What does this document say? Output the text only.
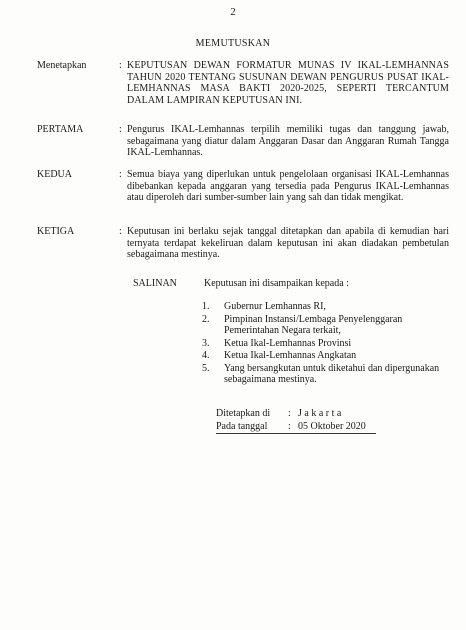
2
MEMUTUSKAN
Menetapkan	: KEPUTUSAN DEWAN FORMATUR MUNAS IV IKAL-LEMHANNAS TAHUN 2020 TENTANG SUSUNAN DEWAN PENGURUS PUSAT IKAL- LEMHANNAS MASA BAKTI 2020-2025, SEPERTI TERCANTUM DALAM LAMPIRAN KEPUTUSAN INI.
PERTAMA	: Pengurus IKAL-Lemhannas terpilih memiliki tugas dan tanggung jawab, sebagaimana yang diatur dalam Anggaran Dasar dan Anggaran Rumah Tangga IKAL-Lemhannas.
KEDUA	: Semua biaya yang diperlukan untuk pengelolaan organisasi IKAL-Lemhannas dibebankan kepada anggaran yang tersedia pada Pengurus IKAL-Lemhannas atau diperoleh dari sumber-sumber lain yang sah dan tidak mengikat.
KETIGA	: Keputusan ini berlaku sejak tanggal ditetapkan dan apabila di kemudian hari ternyata terdapat kekeliruan dalam keputusan ini akan diadakan pembetulan sebagaimana mestinya.
SALINAN	Keputusan ini disampaikan kepada :
1. Gubernur Lemhannas RI,
2. Pimpinan Instansi/Lembaga Penyelenggaran Pemerintahan Negara terkait,
3. Ketua Ikal-Lemhannas Provinsi
4. Ketua Ikal-Lemhannas Angkatan
5. Yang bersangkutan untuk diketahui dan dipergunakan sebagaimana mestinya.
Ditetapkan di : J a k a r t a
Pada tanggal : 05 Oktober 2020
